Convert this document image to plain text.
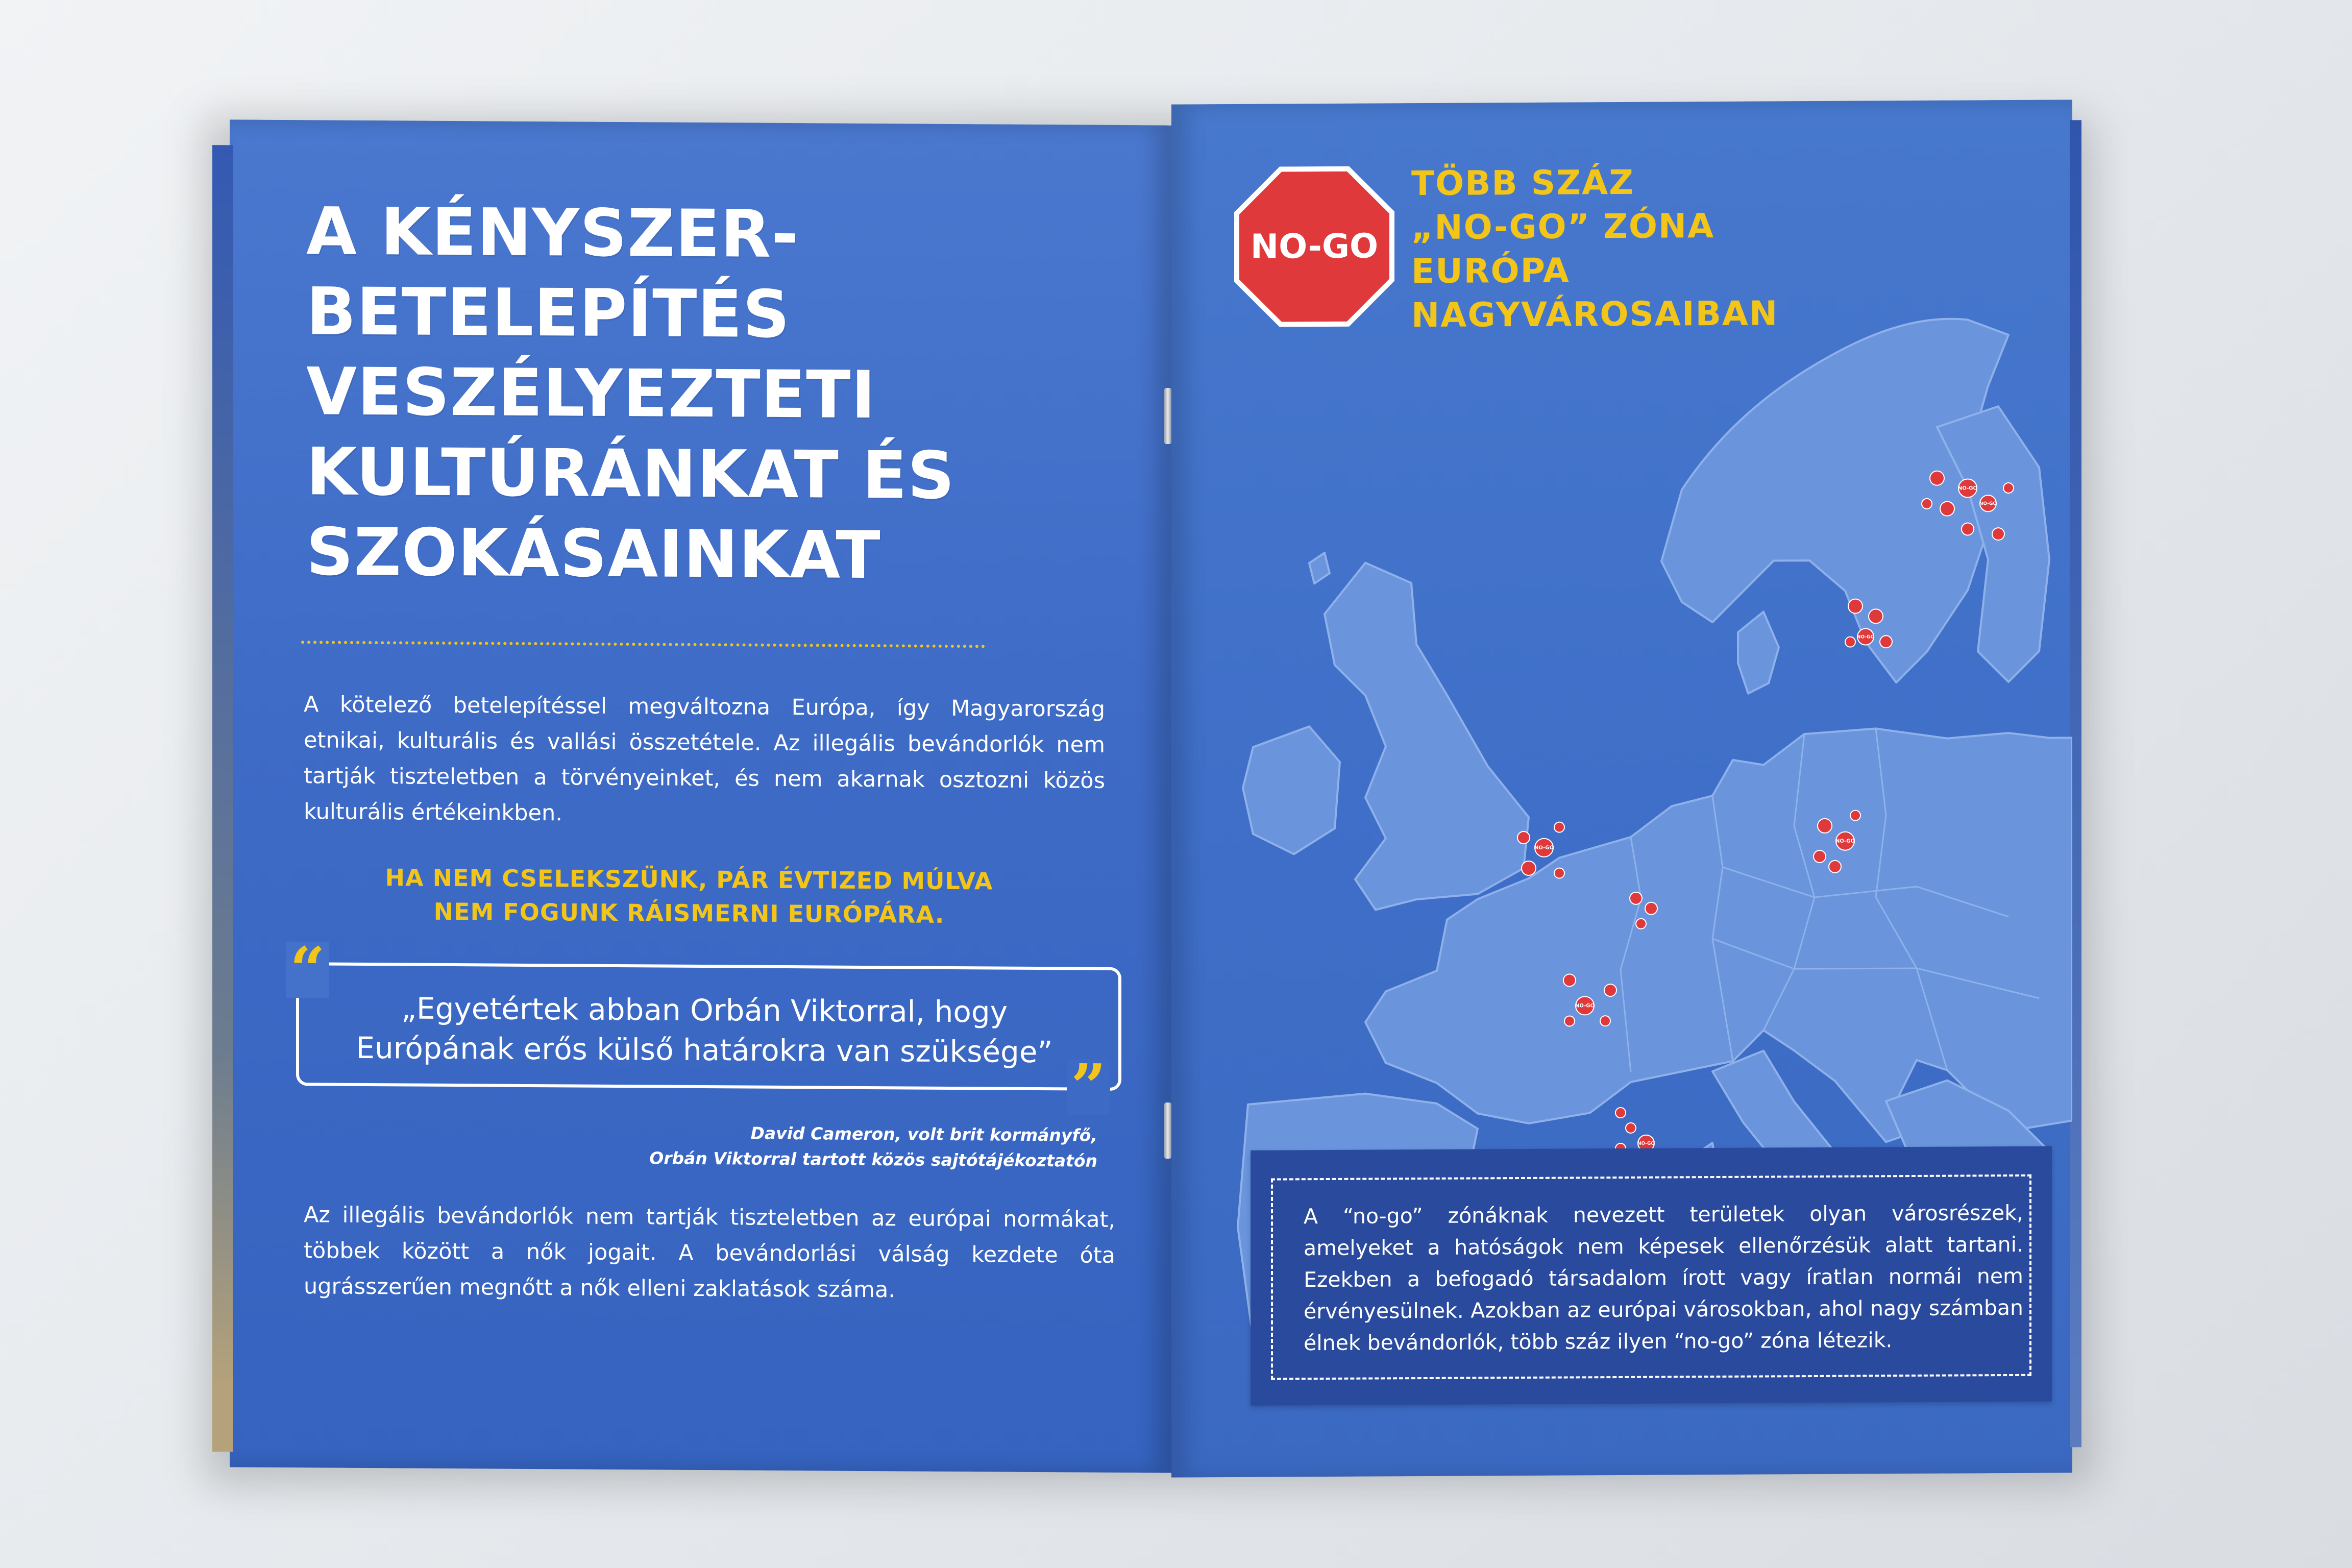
A KÉNYSZER-
BETELEPÍTÉS
VESZÉLYEZTETI
KULTÚRÁNKAT ÉS
SZOKÁSAINKAT
A kötelező betelepítéssel megváltozna Európa, így Magyarország etnikai, kulturális és vallási összetétele. Az illegális bevándorlók nem tartják tiszteletben a törvényeinket, és nem akarnak osztozni közös kulturális értékeinkben.
HA NEM CSELEKSZÜNK, PÁR ÉVTIZED MÚLVA
NEM FOGUNK RÁISMERNI EURÓPÁRA.
“
„Egyetértek abban Orbán Viktorral, hogy
Európának erős külső határokra van szüksége”
”
David Cameron, volt brit kormányfő,
Orbán Viktorral tartott közös sajtótájékoztatón
Az illegális bevándorlók nem tartják tiszteletben az európai normákat, többek között a nők jogait. A bevándorlási válság kezdete óta ugrásszerűen megnőtt a nők elleni zaklatások száma.
NO-GO
NO-GO
NO-GO
NO-GO
NO-GO
NO-GO
NO-GO
NO-GO
TÖBB SZÁZ
„NO-GO” ZÓNA
EURÓPA
NAGYVÁROSAIBAN
A “no-go” zónáknak nevezett területek olyan városrészek, amelyeket a hatóságok nem képesek ellenőrzésük alatt tartani. Ezekben a befogadó társadalom írott vagy íratlan normái nem érvényesülnek. Azokban az európai városokban, ahol nagy számban élnek bevándorlók, több száz ilyen “no-go” zóna létezik.
